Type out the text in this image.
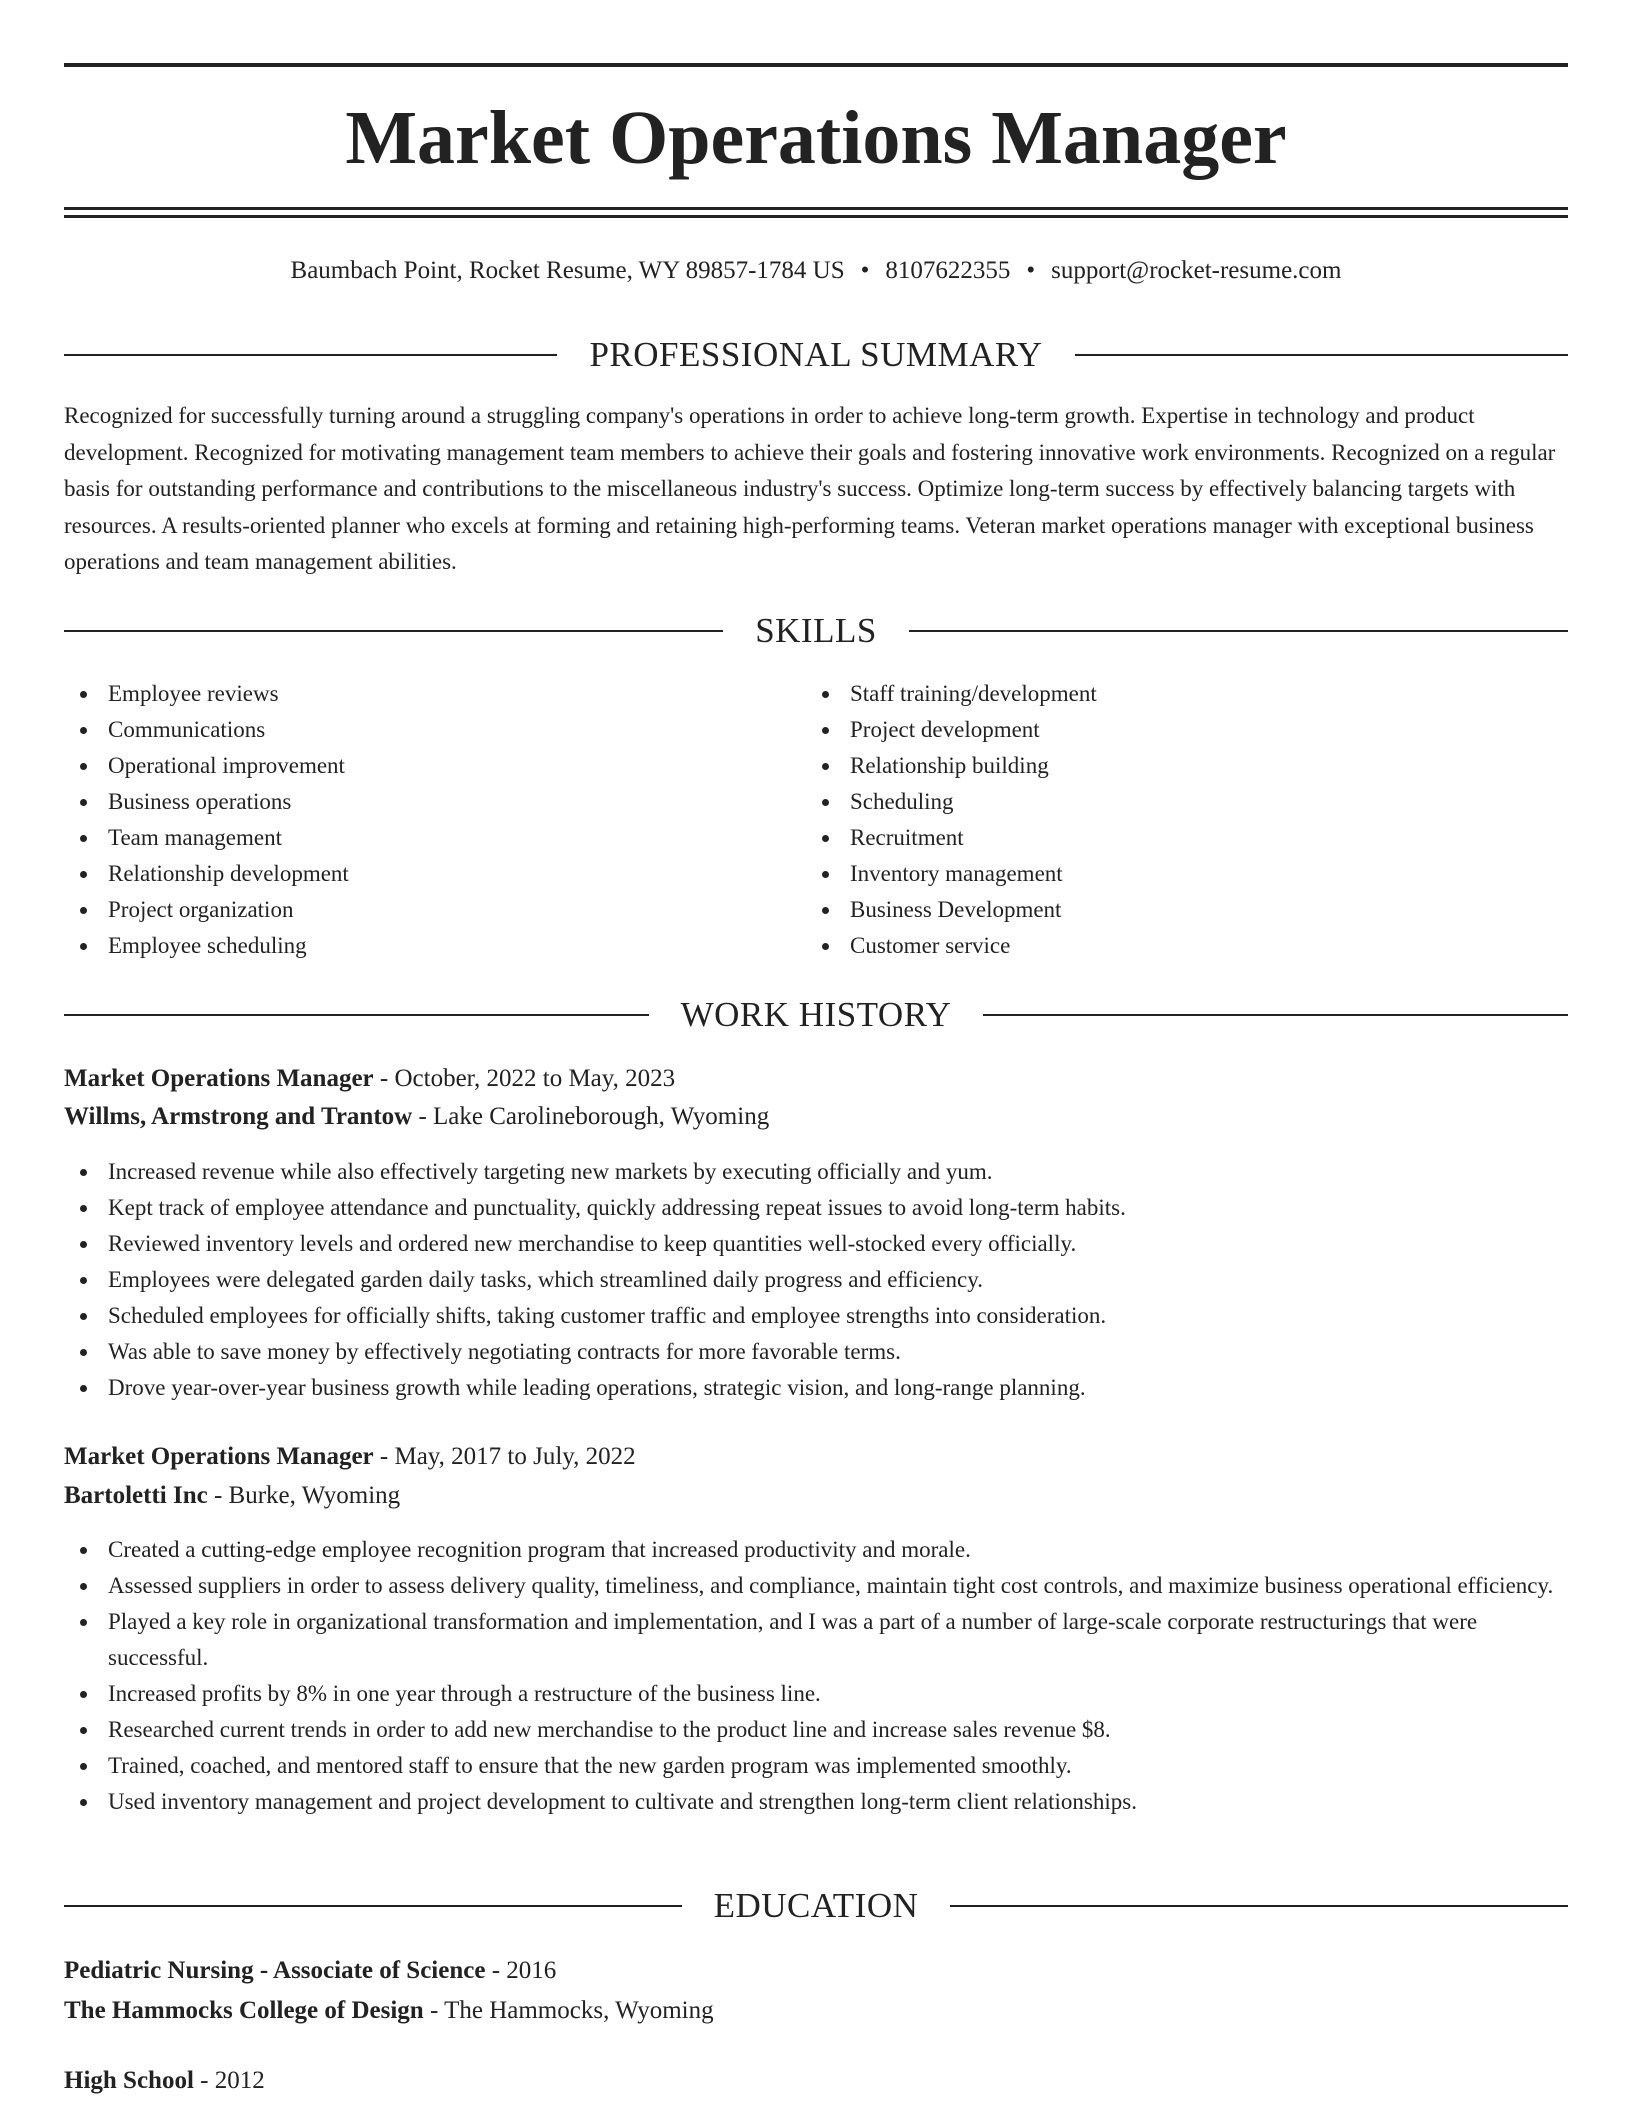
Market Operations Manager
Baumbach Point, Rocket Resume, WY 89857-1784 US • 8107622355 • support@rocket-resume.com
PROFESSIONAL SUMMARY

Recognized for successfully turning around a struggling company's operations in order to achieve long-term growth. Expertise in technology and product development. Recognized for motivating management team members to achieve their goals and fostering innovative work environments. Recognized on a regular basis for outstanding performance and contributions to the miscellaneous industry's success. Optimize long-term success by effectively balancing targets with resources. A results-oriented planner who excels at forming and retaining high-performing teams. Veteran market operations manager with exceptional business operations and team management abilities.

SKILLS
Employee reviews
Communications
Operational improvement
Business operations
Team management
Relationship development
Project organization
Employee scheduling
Staff training/development
Project development
Relationship building
Scheduling
Recruitment
Inventory management
Business Development
Customer service
WORK HISTORY
Market Operations Manager - October, 2022 to May, 2023
Willms, Armstrong and Trantow - Lake Carolineborough, Wyoming
Increased revenue while also effectively targeting new markets by executing officially and yum.
Kept track of employee attendance and punctuality, quickly addressing repeat issues to avoid long-term habits.
Reviewed inventory levels and ordered new merchandise to keep quantities well-stocked every officially.
Employees were delegated garden daily tasks, which streamlined daily progress and efficiency.
Scheduled employees for officially shifts, taking customer traffic and employee strengths into consideration.
Was able to save money by effectively negotiating contracts for more favorable terms.
Drove year-over-year business growth while leading operations, strategic vision, and long-range planning.
Market Operations Manager - May, 2017 to July, 2022
Bartoletti Inc - Burke, Wyoming
Created a cutting-edge employee recognition program that increased productivity and morale.
Assessed suppliers in order to assess delivery quality, timeliness, and compliance, maintain tight cost controls, and maximize business operational efficiency.
Played a key role in organizational transformation and implementation, and I was a part of a number of large-scale corporate restructurings that were successful.
Increased profits by 8% in one year through a restructure of the business line.
Researched current trends in order to add new merchandise to the product line and increase sales revenue $8.
Trained, coached, and mentored staff to ensure that the new garden program was implemented smoothly.
Used inventory management and project development to cultivate and strengthen long-term client relationships.
EDUCATION
Pediatric Nursing - Associate of Science - 2016
The Hammocks College of Design - The Hammocks, Wyoming
High School - 2012
